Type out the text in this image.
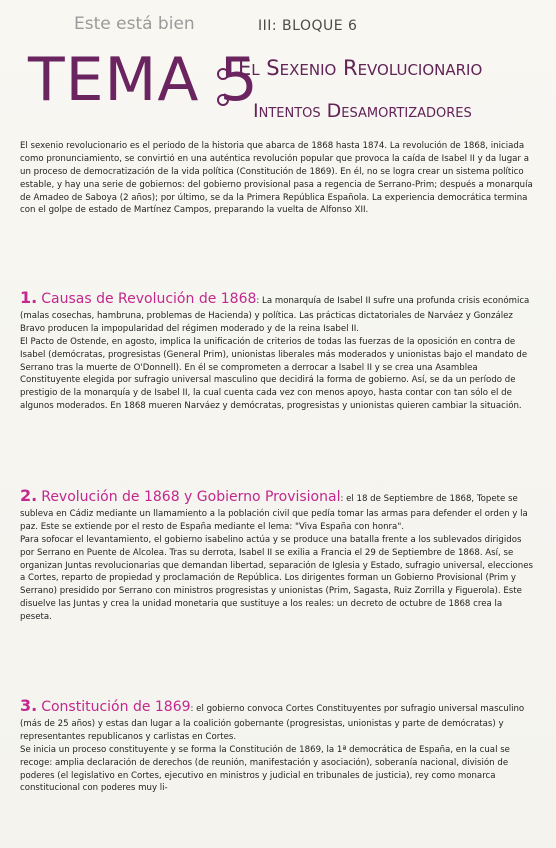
Este está bien	III: BLOQUE 6
TEMA 5
El Sexenio Revolucionario
Intentos Desamortizadores
El sexenio revolucionario es el periodo de la historia que abarca de 1868 hasta 1874. La revolución de 1868, iniciada como pronunciamiento, se convirtió en una auténtica revolución popular que provoca la caída de Isabel II y da lugar a un proceso de democratización de la vida política (Constitución de 1869). En él, no se logra crear un sistema político estable, y hay una serie de gobiernos: del gobierno provisional pasa a regencia de Serrano-Prim; después a monarquía de Amadeo de Saboya (2 años); por último, se da la Primera República Española. La experiencia democrática termina con el golpe de estado de Martínez Campos, preparando la vuelta de Alfonso XII.
1. Causas de Revolución de 1868: La monarquía de Isabel II sufre una profunda crisis económica (malas cosechas, hambruna, problemas de Hacienda) y política. Las prácticas dictatoriales de Narváez y González Bravo producen la impopularidad del régimen moderado y de la reina Isabel II.
El Pacto de Ostende, en agosto, implica la unificación de criterios de todas las fuerzas de la oposición en contra de Isabel (demócratas, progresistas (General Prim), unionistas liberales más moderados y unionistas bajo el mandato de Serrano tras la muerte de O'Donnell). En él se comprometen a derrocar a Isabel II y se crea una Asamblea Constituyente elegida por sufragio universal masculino que decidirá la forma de gobierno. Así, se da un período de prestigio de la monarquía y de Isabel II, la cual cuenta cada vez con menos apoyo, hasta contar con tan sólo el de algunos moderados. En 1868 mueren Narváez y demócratas, progresistas y unionistas quieren cambiar la situación.
2. Revolución de 1868 y Gobierno Provisional: el 18 de Septiembre de 1868, Topete se subleva en Cádiz mediante un llamamiento a la población civil que pedía tomar las armas para defender el orden y la paz. Este se extiende por el resto de España mediante el lema: "Viva España con honra".
Para sofocar el levantamiento, el gobierno isabelino actúa y se produce una batalla frente a los sublevados dirigidos por Serrano en Puente de Alcolea. Tras su derrota, Isabel II se exilia a Francia el 29 de Septiembre de 1868. Así, se organizan Juntas revolucionarias que demandan libertad, separación de Iglesia y Estado, sufragio universal, elecciones a Cortes, reparto de propiedad y proclamación de República. Los dirigentes forman un Gobierno Provisional (Prim y Serrano) presidido por Serrano con ministros progresistas y unionistas (Prim, Sagasta, Ruiz Zorrilla y Figuerola). Este disuelve las Juntas y crea la unidad monetaria que sustituye a los reales: un decreto de octubre de 1868 crea la peseta.
3. Constitución de 1869: el gobierno convoca Cortes Constituyentes por sufragio universal masculino (más de 25 años) y estas dan lugar a la coalición gobernante (progresistas, unionistas y parte de demócratas) y representantes republicanos y carlistas en Cortes.
Se inicia un proceso constituyente y se forma la Constitución de 1869, la 1ª democrática de España, en la cual se recoge: amplia declaración de derechos (de reunión, manifestación y asociación), soberanía nacional, división de poderes (el legislativo en Cortes, ejecutivo en ministros y judicial en tribunales de justicia), rey como monarca constitucional con poderes muy li-
